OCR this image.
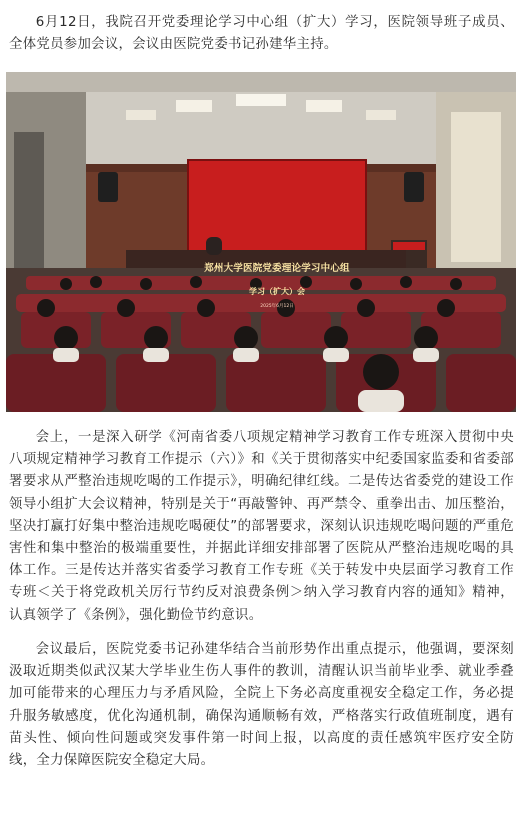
6月12日，我院召开党委理论学习中心组（扩大）学习，医院领导班子成员、全体党员参加会议，会议由医院党委书记孙建华主持。

郑州大学医院党委理论学习中心组
学习（扩大）会
2025年6月12日

会上，一是深入研学《河南省委八项规定精神学习教育工作专班深入贯彻中央八项规定精神学习教育工作提示（六）》和《关于贯彻落实中纪委国家监委和省委部署要求从严整治违规吃喝的工作提示》，明确纪律红线。二是传达省委党的建设工作领导小组扩大会议精神，特别是关于“再敲警钟、再严禁令、重拳出击、加压整治，坚决打赢打好集中整治违规吃喝硬仗”的部署要求，深刻认识违规吃喝问题的严重危害性和集中整治的极端重要性，并据此详细安排部署了医院从严整治违规吃喝的具体工作。三是传达并落实省委学习教育工作专班《关于转发中央层面学习教育工作专班＜关于将党政机关厉行节约反对浪费条例＞纳入学习教育内容的通知》精神，认真领学了《条例》，强化勤俭节约意识。

会议最后，医院党委书记孙建华结合当前形势作出重点提示，他强调，要深刻汲取近期类似武汉某大学毕业生伤人事件的教训，清醒认识当前毕业季、就业季叠加可能带来的心理压力与矛盾风险，全院上下务必高度重视安全稳定工作，务必提升服务敏感度，优化沟通机制，确保沟通顺畅有效，严格落实行政值班制度，遇有苗头性、倾向性问题或突发事件第一时间上报，以高度的责任感筑牢医疗安全防线，全力保障医院安全稳定大局。
